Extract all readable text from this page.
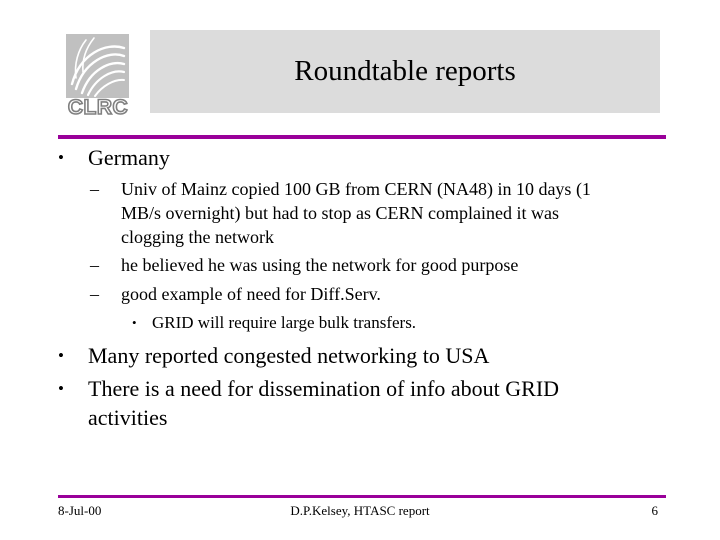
CLRC
Roundtable reports
• Germany
– Univ of Mainz copied 100 GB from CERN (NA48) in 10 days (1
MB/s overnight) but had to stop as CERN complained it was
clogging the network
– he believed he was using the network for good purpose
– good example of need for Diff.Serv.
• GRID will require large bulk transfers.
• Many reported congested networking to USA
• There is a need for dissemination of info about GRID
activities
8-Jul-00	D.P.Kelsey, HTASC report	6
